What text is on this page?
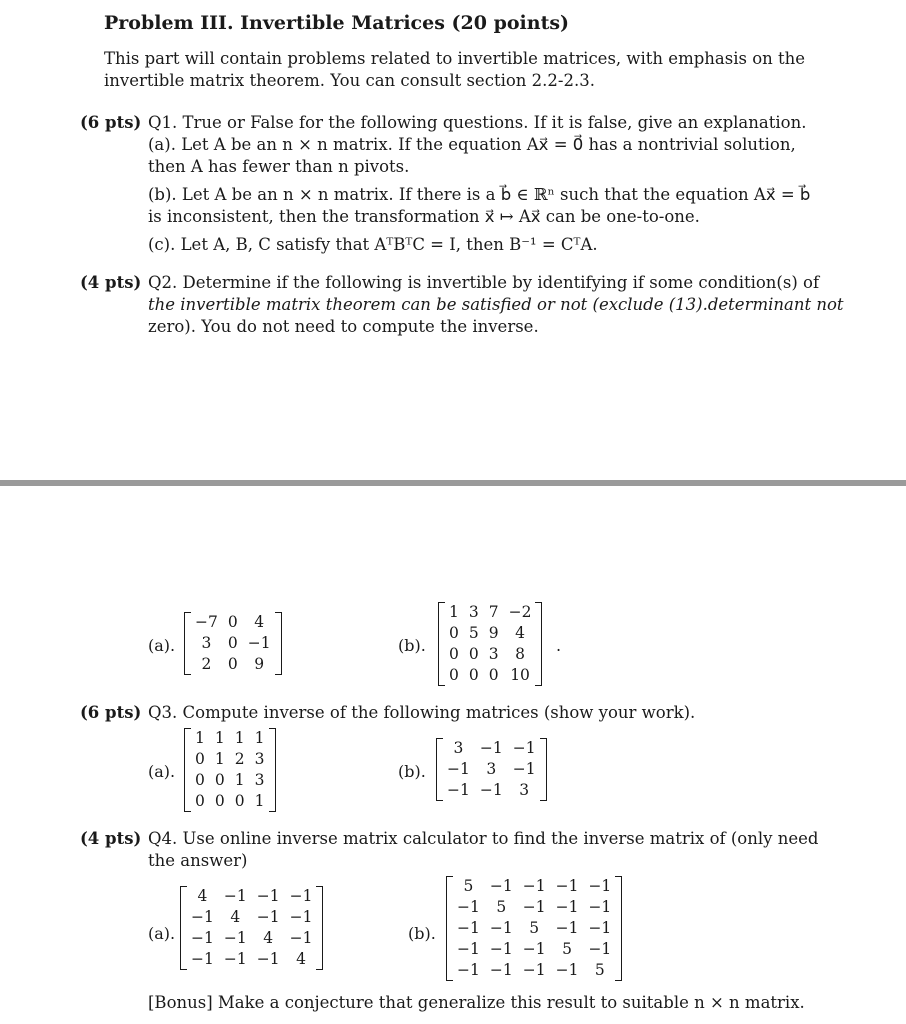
Problem III. Invertible Matrices (20 points)
This part will contain problems related to invertible matrices, with emphasis on the
invertible matrix theorem. You can consult section 2.2-2.3.
(6 pts) Q1. True or False for the following questions. If it is false, give an explanation.
(a). Let A be an n × n matrix. If the equation Ax⃗ = 0⃗ has a nontrivial solution,
then A has fewer than n pivots.
(b). Let A be an n × n matrix. If there is a b⃗ ∈ ℝⁿ such that the equation Ax⃗ = b⃗
is inconsistent, then the transformation x⃗ ↦ Ax⃗ can be one-to-one.
(c). Let A, B, C satisfy that AᵀBᵀC = I, then B⁻¹ = CᵀA.
(4 pts) Q2. Determine if the following is invertible by identifying if some condition(s) of
the invertible matrix theorem can be satisfied or not (exclude (13).determinant not
zero). You do not need to compute the inverse.
(a).
−7	0	4
3	0	−1
2	0	9
(b).
1	3	7	−2
0	5	9	4
0	0	3	8
0	0	0	10
.
(6 pts) Q3. Compute inverse of the following matrices (show your work).
(a).
1	1	1	1
0	1	2	3
0	0	1	3
0	0	0	1
(b).
3	−1	−1
−1	3	−1
−1	−1	3
(4 pts) Q4. Use online inverse matrix calculator to find the inverse matrix of (only need
the answer)
(a).
4	−1	−1	−1
−1	4	−1	−1
−1	−1	4	−1
−1	−1	−1	4
(b).
5	−1	−1	−1	−1
−1	5	−1	−1	−1
−1	−1	5	−1	−1
−1	−1	−1	5	−1
−1	−1	−1	−1	5
[Bonus] Make a conjecture that generalize this result to suitable n × n matrix.
